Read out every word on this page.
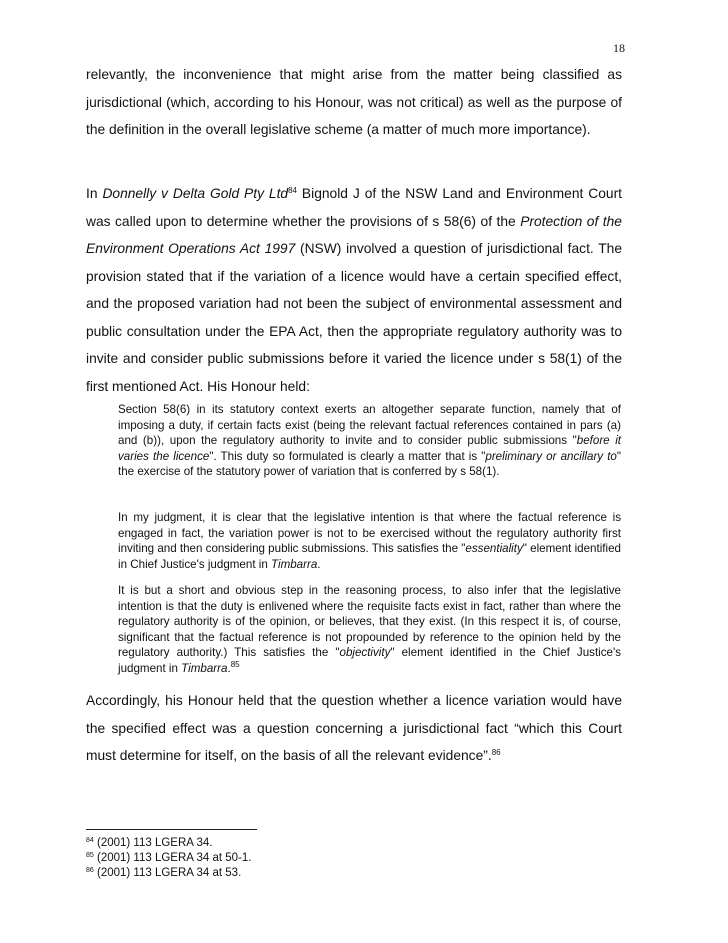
18

relevantly, the inconvenience that might arise from the matter being classified as jurisdictional (which, according to his Honour, was not critical) as well as the purpose of the definition in the overall legislative scheme (a matter of much more importance).

In Donnelly v Delta Gold Pty Ltd$^{84}$ Bignold J of the NSW Land and Environment Court was called upon to determine whether the provisions of s 58(6) of the Protection of the Environment Operations Act 1997 (NSW) involved a question of jurisdictional fact. The provision stated that if the variation of a licence would have a certain specified effect, and the proposed variation had not been the subject of environmental assessment and public consultation under the EPA Act, then the appropriate regulatory authority was to invite and consider public submissions before it varied the licence under s 58(1) of the first mentioned Act. His Honour held:

Section 58(6) in its statutory context exerts an altogether separate function, namely that of imposing a duty, if certain facts exist (being the relevant factual references contained in pars (a) and (b)), upon the regulatory authority to invite and to consider public submissions "before it varies the licence". This duty so formulated is clearly a matter that is "preliminary or ancillary to" the exercise of the statutory power of variation that is conferred by s 58(1).

In my judgment, it is clear that the legislative intention is that where the factual reference is engaged in fact, the variation power is not to be exercised without the regulatory authority first inviting and then considering public submissions. This satisfies the "essentiality" element identified in Chief Justice's judgment in Timbarra.

It is but a short and obvious step in the reasoning process, to also infer that the legislative intention is that the duty is enlivened where the requisite facts exist in fact, rather than where the regulatory authority is of the opinion, or believes, that they exist. (In this respect it is, of course, significant that the factual reference is not propounded by reference to the opinion held by the regulatory authority.) This satisfies the "objectivity" element identified in the Chief Justice's judgment in Timbarra.$^{85}$

Accordingly, his Honour held that the question whether a licence variation would have the specified effect was a question concerning a jurisdictional fact “which this Court must determine for itself, on the basis of all the relevant evidence”.$^{86}$

$^{84}$ (2001) 113 LGERA 34.
$^{85}$ (2001) 113 LGERA 34 at 50-1.
$^{86}$ (2001) 113 LGERA 34 at 53.
